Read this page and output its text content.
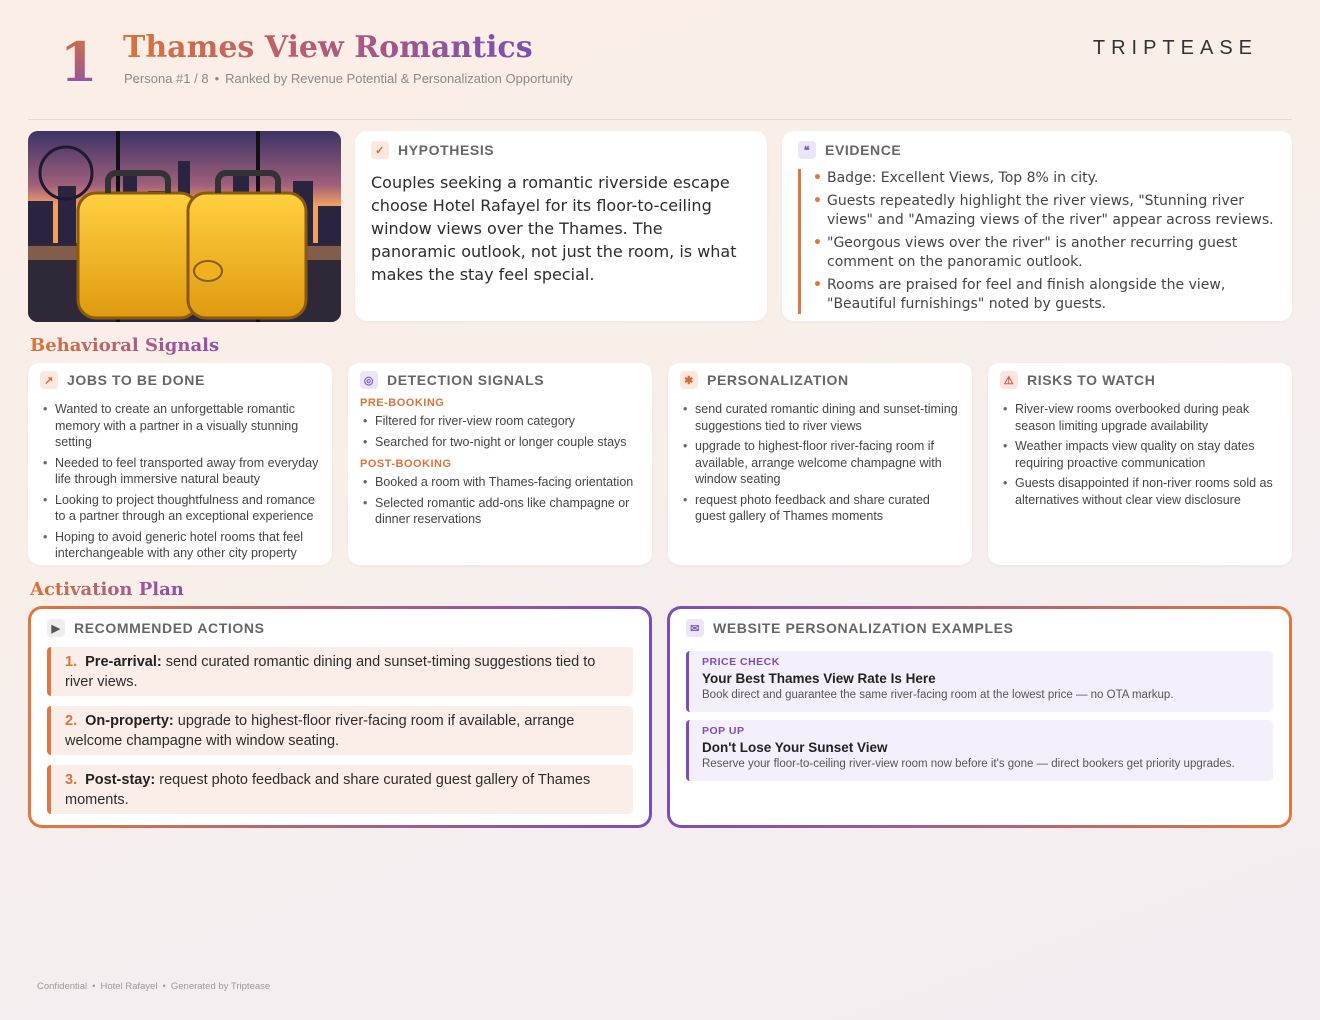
1 Thames View Romantics
Persona #1 / 8 • Ranked by Revenue Potential & Personalization Opportunity
TRIPTEASE
✓ HYPOTHESIS
Couples seeking a romantic riverside escape choose Hotel Rafayel for its floor-to-ceiling window views over the Thames. The panoramic outlook, not just the room, is what makes the stay feel special.
❝	EVIDENCE
• Badge: Excellent Views, Top 8% in city.
• Guests repeatedly highlight the river views, "Stunning river views" and "Amazing views of the river" appear across reviews.
• "Georgous views over the river" is another recurring guest comment on the panoramic outlook.
• Rooms are praised for feel and finish alongside the view, "Beautiful furnishings" noted by guests.
Behavioral Signals
↗ JOBS TO BE DONE
• Wanted to create an unforgettable romantic memory with a partner in a visually stunning setting
• Needed to feel transported away from everyday life through immersive natural beauty
• Looking to project thoughtfulness and romance to a partner through an exceptional experience
• Hoping to avoid generic hotel rooms that feel interchangeable with any other city property
◎ DETECTION SIGNALS
PRE-BOOKING
• Filtered for river-view room category
• Searched for two-night or longer couple stays
POST-BOOKING
• Booked a room with Thames-facing orientation
• Selected romantic add-ons like champagne or dinner reservations
✱ PERSONALIZATION
• send curated romantic dining and sunset-timing suggestions tied to river views
• upgrade to highest-floor river-facing room if available, arrange welcome champagne with window seating
• request photo feedback and share curated guest gallery of Thames moments
⚠ RISKS TO WATCH
• River-view rooms overbooked during peak season limiting upgrade availability
• Weather impacts view quality on stay dates requiring proactive communication
• Guests disappointed if non-river rooms sold as alternatives without clear view disclosure
Activation Plan
▶ RECOMMENDED ACTIONS
1. Pre-arrival: send curated romantic dining and sunset-timing suggestions tied to river views.
2. On-property: upgrade to highest-floor river-facing room if available, arrange welcome champagne with window seating.
3. Post-stay: request photo feedback and share curated guest gallery of Thames moments.
✉ WEBSITE PERSONALIZATION EXAMPLES
PRICE CHECK
Your Best Thames View Rate Is Here
Book direct and guarantee the same river-facing room at the lowest price — no OTA markup.
POP UP
Don't Lose Your Sunset View
Reserve your floor-to-ceiling river-view room now before it's gone — direct bookers get priority upgrades.
Confidential • Hotel Rafayel • Generated by Triptease
